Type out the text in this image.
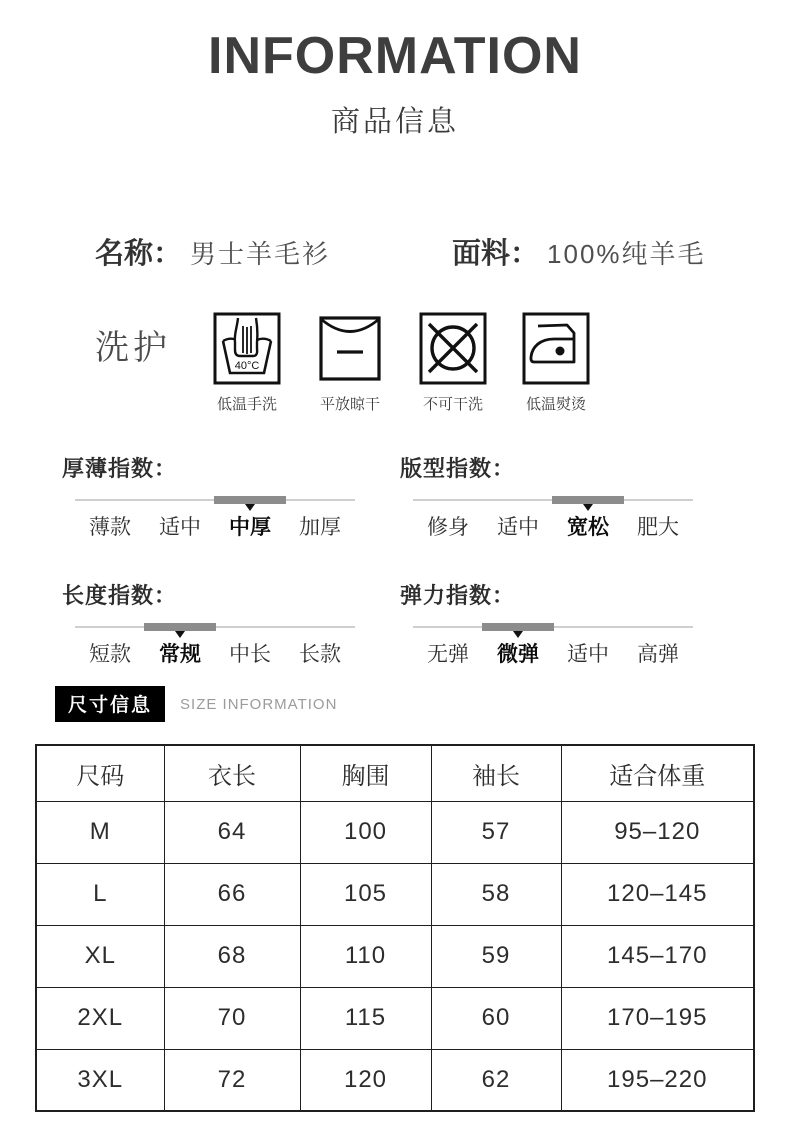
INFORMATION
商品信息
名称： 男士羊毛衫	面料： 100%纯羊毛
洗护	40°C
低温手洗	平放晾干	不可干洗	低温熨烫
厚薄指数：
薄款	适中	中厚	加厚
版型指数：
修身	适中	宽松	肥大
长度指数：
短款	常规	中长	长款
弹力指数：
无弹	微弹	适中	高弹
尺寸信息	SIZE INFORMATION
尺码	衣长	胸围	袖长	适合体重
M	64	100	57	95–120
L	66	105	58	120–145
XL	68	110	59	145–170
2XL	70	115	60	170–195
3XL	72	120	62	195–220
